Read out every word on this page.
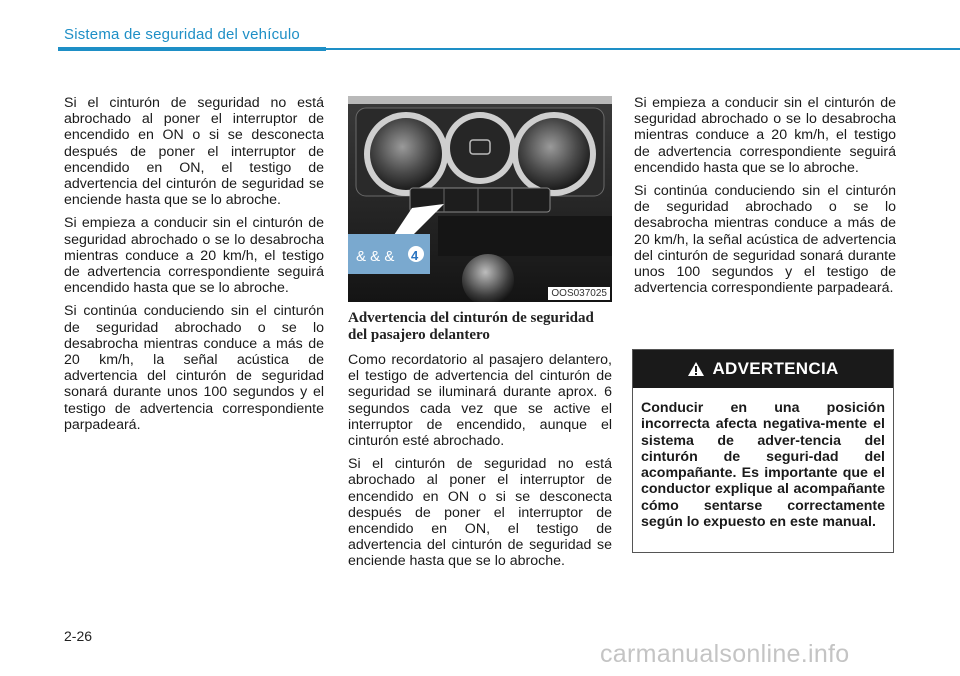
Sistema de seguridad del vehículo

Si el cinturón de seguridad no está abrochado al poner el interruptor de encendido en ON o si se desconecta después de poner el interruptor de encendido en ON, el testigo de advertencia del cinturón de seguridad se enciende hasta que se lo abroche.

Si empieza a conducir sin el cinturón de seguridad abrochado o se lo desabrocha mientras conduce a 20 km/h, el testigo de advertencia correspondiente seguirá encendido hasta que se lo abroche.

Si continúa conduciendo sin el cinturón de seguridad abrochado o se lo desabrocha mientras conduce a más de 20 km/h, la señal acústica de advertencia del cinturón de seguridad sonará durante unos 100 segundos y el testigo de advertencia correspondiente parpadeará.

& & & 4
OOS037025
Advertencia del cinturón de seguridad del pasajero delantero

Como recordatorio al pasajero delantero, el testigo de advertencia del cinturón de seguridad se iluminará durante aprox. 6 segundos cada vez que se active el interruptor de encendido, aunque el cinturón esté abrochado.

Si el cinturón de seguridad no está abrochado al poner el interruptor de encendido en ON o si se desconecta después de poner el interruptor de encendido en ON, el testigo de advertencia del cinturón de seguridad se enciende hasta que se lo abroche.

Si empieza a conducir sin el cinturón de seguridad abrochado o se lo desabrocha mientras conduce a 20 km/h, el testigo de advertencia correspondiente seguirá encendido hasta que se lo abroche.

Si continúa conduciendo sin el cinturón de seguridad abrochado o se lo desabrocha mientras conduce a más de 20 km/h, la señal acústica de advertencia del cinturón de seguridad sonará durante unos 100 segundos y el testigo de advertencia correspondiente parpadeará.

ADVERTENCIA
Conducir en una posición incorrecta afecta negativa-mente el sistema de adver-tencia del cinturón de seguri-dad del acompañante. Es importante que el conductor explique al acompañante cómo sentarse correctamente según lo expuesto en este manual.
2-26
carmanualsonline.info
